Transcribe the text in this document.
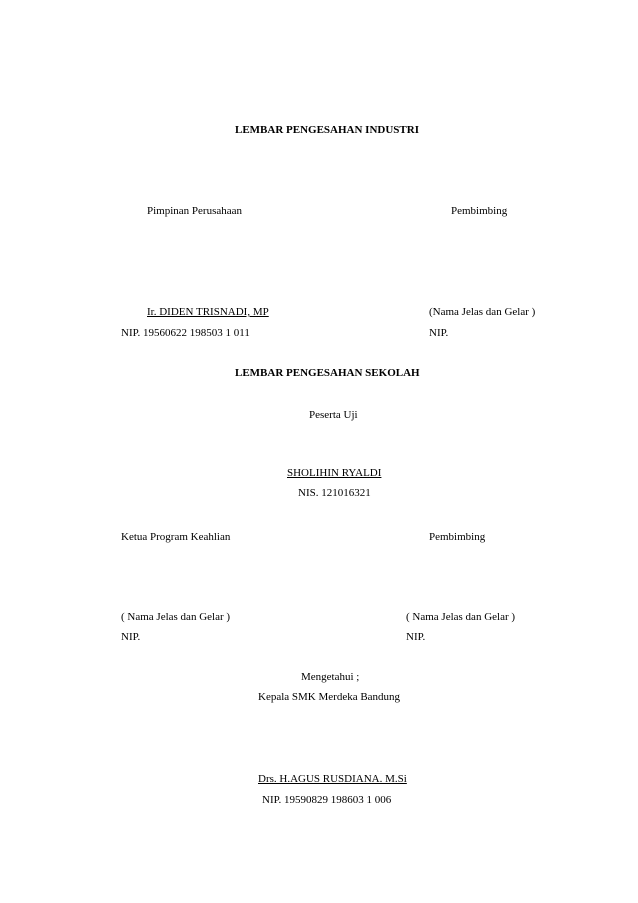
LEMBAR PENGESAHAN INDUSTRI
Pimpinan Perusahaan	Pembimbing
Ir. DIDEN TRISNADI, MP
NIP. 19560622 198503 1 011
(Nama Jelas dan Gelar )
NIP.
LEMBAR PENGESAHAN SEKOLAH
Peserta Uji
SHOLIHIN RYALDI
NIS. 121016321
Ketua Program Keahlian	Pembimbing
( Nama Jelas dan Gelar )
NIP.
( Nama Jelas dan Gelar )
NIP.
Mengetahui ;
Kepala SMK Merdeka Bandung
Drs. H.AGUS RUSDIANA. M.Si
NIP. 19590829 198603 1 006
